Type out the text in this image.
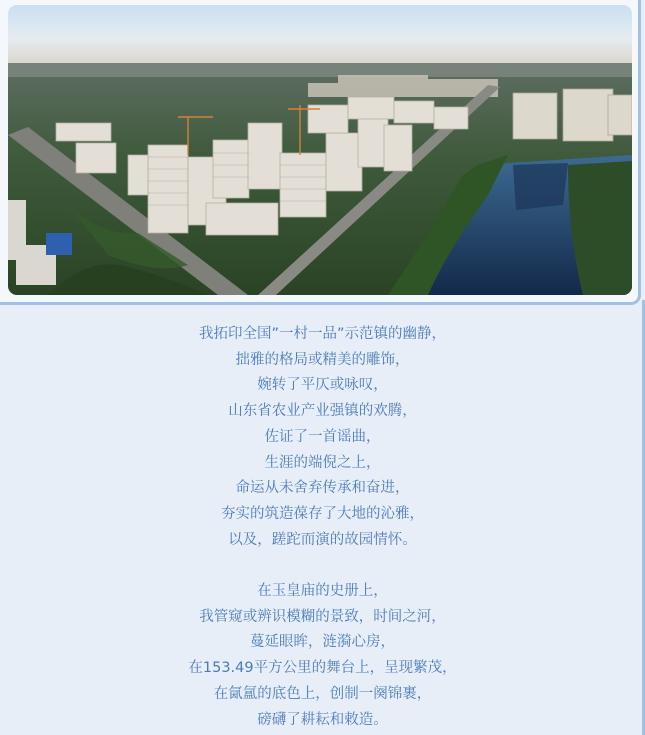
我拓印全国”一村一品”示范镇的幽静，
拙雅的格局或精美的雕饰，
婉转了平仄或咏叹，
山东省农业产业强镇的欢腾，
佐证了一首谣曲，
生涯的端倪之上，
命运从未舍弃传承和奋进，
夯实的筑造葆存了大地的沁雅，
以及，蹉跎而演的故园情怀。
在玉皇庙的史册上，
我管窥或辨识模糊的景致，时间之河，
蔓延眼眸，涟漪心房，
在153.49平方公里的舞台上，呈现繁茂，
在氤氲的底色上，创制一阕锦裹，
磅礴了耕耘和敕造。
